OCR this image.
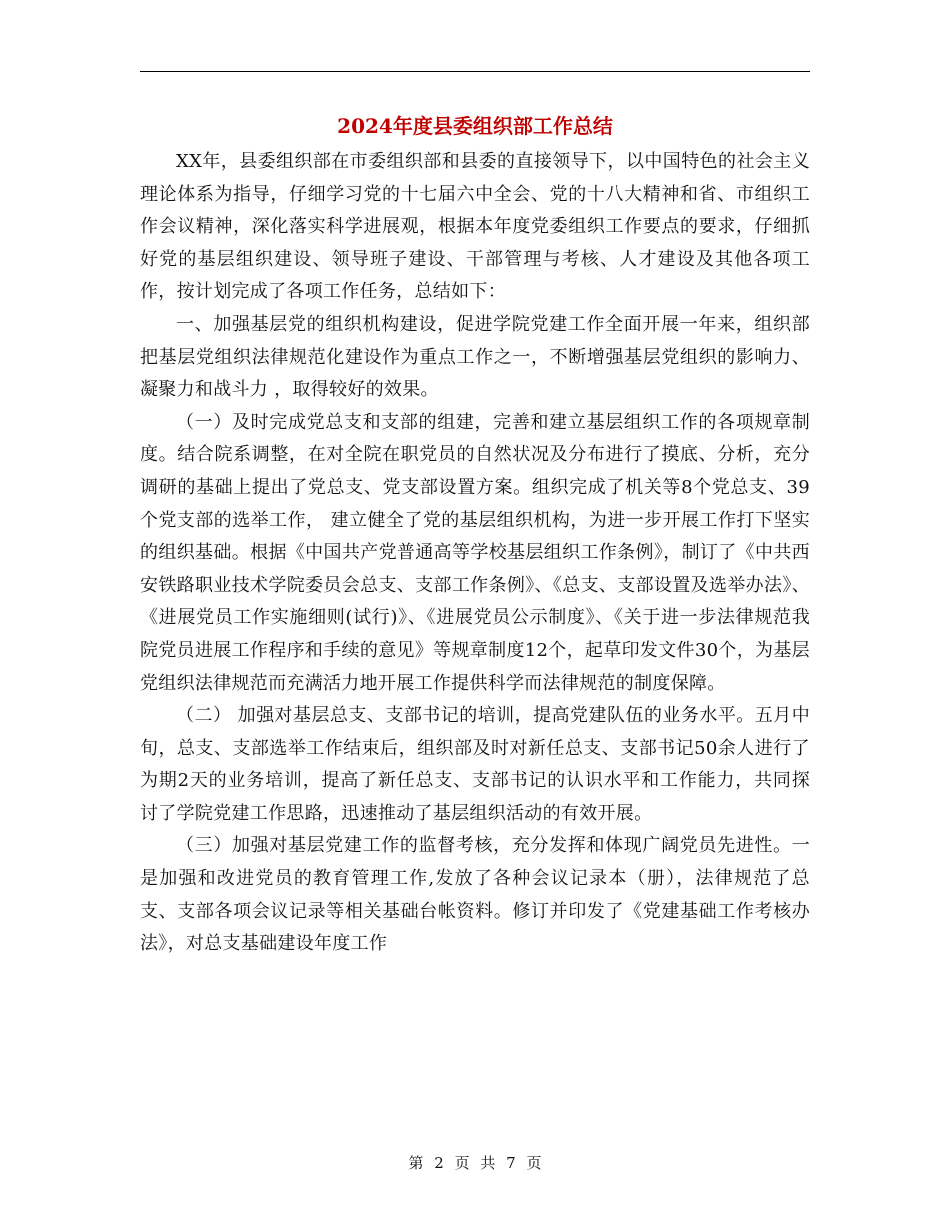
2024年度县委组织部工作总结

XX年，县委组织部在市委组织部和县委的直接领导下，以中国特色的社会主义理论体系为指导，仔细学习党的十七届六中全会、党的十八大精神和省、市组织工作会议精神，深化落实科学进展观，根据本年度党委组织工作要点的要求，仔细抓好党的基层组织建设、领导班子建设、干部管理与考核、人才建设及其他各项工作，按计划完成了各项工作任务，总结如下：

一、加强基层党的组织机构建设，促进学院党建工作全面开展一年来，组织部把基层党组织法律规范化建设作为重点工作之一，不断增强基层党组织的影响力、凝聚力和战斗力 ，取得较好的效果。

（一）及时完成党总支和支部的组建，完善和建立基层组织工作的各项规章制度。结合院系调整，在对全院在职党员的自然状况及分布进行了摸底、分析，充分调研的基础上提出了党总支、党支部设置方案。组织完成了机关等8个党总支、39个党支部的选举工作， 建立健全了党的基层组织机构，为进一步开展工作打下坚实的组织基础。根据《中国共产党普通高等学校基层组织工作条例》，制订了《中共西安铁路职业技术学院委员会总支、支部工作条例》、《总支、支部设置及选举办法》、《进展党员工作实施细则(试行)》、《进展党员公示制度》、《关于进一步法律规范我院党员进展工作程序和手续的意见》等规章制度12个，起草印发文件30个，为基层党组织法律规范而充满活力地开展工作提供科学而法律规范的制度保障。

（二） 加强对基层总支、支部书记的培训，提高党建队伍的业务水平。五月中旬，总支、支部选举工作结束后，组织部及时对新任总支、支部书记50余人进行了为期2天的业务培训，提高了新任总支、支部书记的认识水平和工作能力，共同探讨了学院党建工作思路，迅速推动了基层组织活动的有效开展。

（三）加强对基层党建工作的监督考核，充分发挥和体现广阔党员先进性。一是加强和改进党员的教育管理工作,发放了各种会议记录本（册），法律规范了总支、支部各项会议记录等相关基础台帐资料。修订并印发了《党建基础工作考核办法》，对总支基础建设年度工作

第 2 页 共 7 页
